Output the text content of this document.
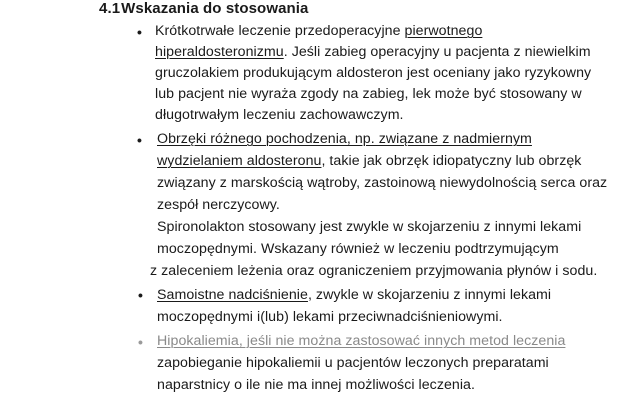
4.1Wskazania do stosowania
• Krótkotrwałe leczenie przedoperacyjne pierwotnego
hiperaldosteronizmu. Jeśli zabieg operacyjny u pacjenta z niewielkim
gruczolakiem produkującym aldosteron jest oceniany jako ryzykowny
lub pacjent nie wyraża zgody na zabieg, lek może być stosowany w
długotrwałym leczeniu zachowawczym.
• Obrzęki różnego pochodzenia, np. związane z nadmiernym
wydzielaniem aldosteronu, takie jak obrzęk idiopatyczny lub obrzęk
związany z marskością wątroby, zastoinową niewydolnością serca oraz
zespół nerczycowy.
Spironolakton stosowany jest zwykle w skojarzeniu z innymi lekami
moczopędnymi. Wskazany również w leczeniu podtrzymującym
z zaleceniem leżenia oraz ograniczeniem przyjmowania płynów i sodu.
• Samoistne nadciśnienie, zwykle w skojarzeniu z innymi lekami
moczopędnymi i(lub) lekami przeciwnadciśnieniowymi.
• Hipokaliemia, jeśli nie można zastosować innych metod leczenia
zapobieganie hipokaliemii u pacjentów leczonych preparatami
naparstnicy o ile nie ma innej możliwości leczenia.
